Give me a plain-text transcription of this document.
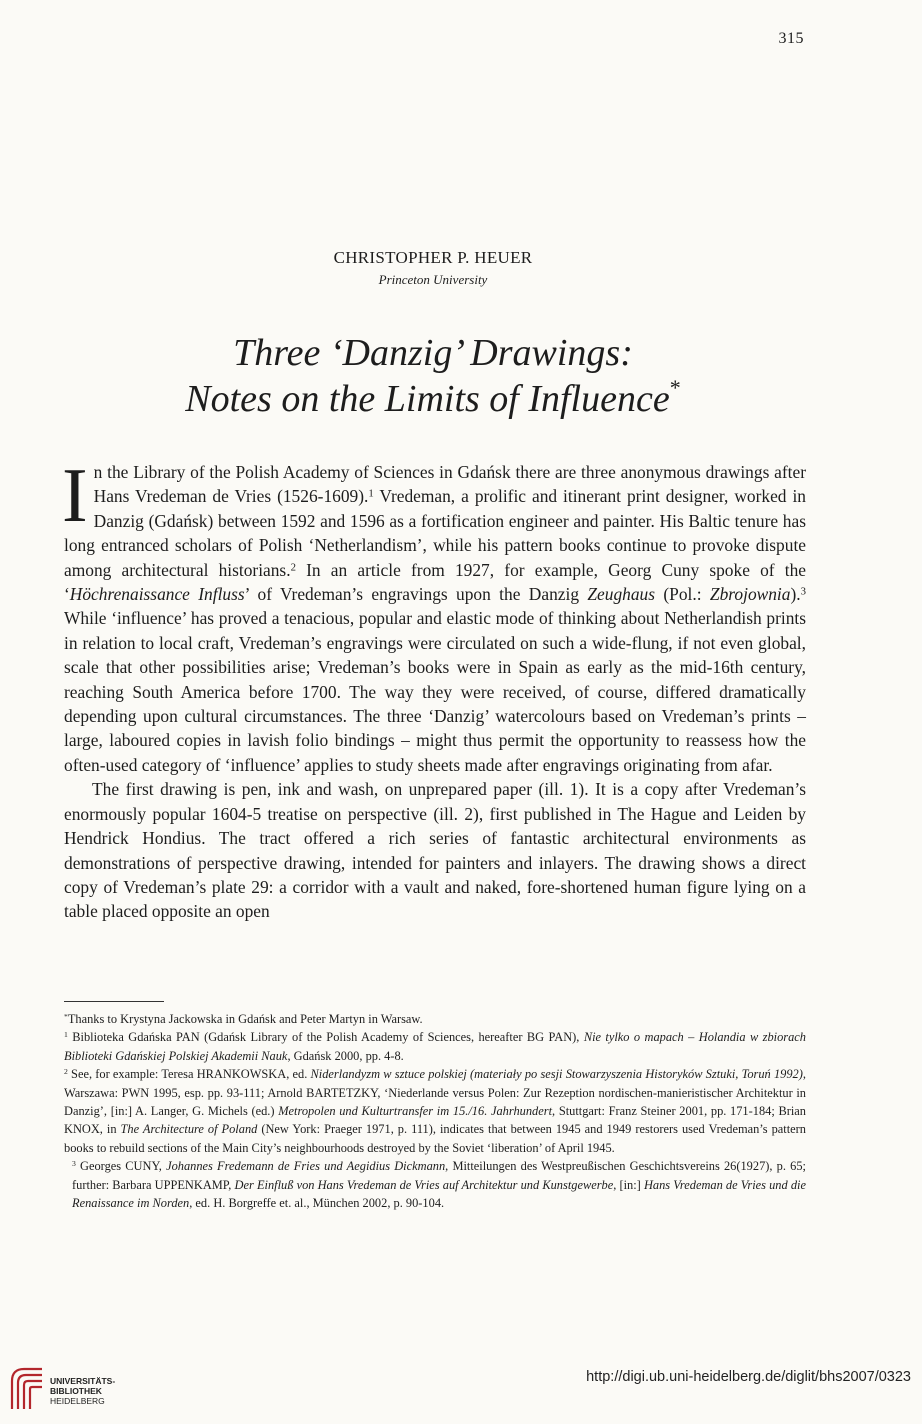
315
CHRISTOPHER P. HEUER
Princeton University
Three ‘Danzig’ Drawings:
Notes on the Limits of Influence*

In the Library of the Polish Academy of Sciences in Gdańsk there are three anonymous drawings after Hans Vredeman de Vries (1526-1609).$^1$ Vredeman, a prolific and itinerant print designer, worked in Danzig (Gdańsk) between 1592 and 1596 as a fortification engineer and painter. His Baltic tenure has long entranced scholars of Polish ‘Netherlandism’, while his pattern books continue to provoke dispute among architectural historians.$^2$ In an article from 1927, for example, Georg Cuny spoke of the ‘Höchrenaissance Influss’ of Vredeman’s engravings upon the Danzig Zeughaus (Pol.: Zbrojownia).$^3$ While ‘influence’ has proved a tenacious, popular and elastic mode of thinking about Netherlandish prints in relation to local craft, Vredeman’s engravings were circulated on such a wide-flung, if not even global, scale that other possibilities arise; Vredeman’s books were in Spain as early as the mid-16th century, reaching South America before 1700. The way they were received, of course, differed dramatically depending upon cultural circumstances. The three ‘Danzig’ watercolours based on Vredeman’s prints – large, laboured copies in lavish folio bindings – might thus permit the opportunity to reassess how the often-used category of ‘influence’ applies to study sheets made after engravings originating from afar.

The first drawing is pen, ink and wash, on unprepared paper (ill. 1). It is a copy after Vredeman’s enormously popular 1604-5 treatise on perspective (ill. 2), first published in The Hague and Leiden by Hendrick Hondius. The tract offered a rich series of fantastic architectural environments as demonstrations of perspective drawing, intended for painters and inlayers. The drawing shows a direct copy of Vredeman’s plate 29: a corridor with a vault and naked, fore-shortened human figure lying on a table placed opposite an open

*Thanks to Krystyna Jackowska in Gdańsk and Peter Martyn in Warsaw.

$^1$ Biblioteka Gdańska PAN (Gdańsk Library of the Polish Academy of Sciences, hereafter BG PAN), Nie tylko o mapach – Holandia w zbiorach Biblioteki Gdańskiej Polskiej Akademii Nauk, Gdańsk 2000, pp. 4-8.

$^2$ See, for example: Teresa HRANKOWSKA, ed. Niderlandyzm w sztuce polskiej (materiały po sesji Stowarzyszenia Historyków Sztuki, Toruń 1992), Warszawa: PWN 1995, esp. pp. 93-111; Arnold BARTETZKY, ‘Niederlande versus Polen: Zur Rezeption nordischen-manieristischer Architektur in Danzig’, [in:] A. Langer, G. Michels (ed.) Metropolen und Kulturtransfer im 15./16. Jahrhundert, Stuttgart: Franz Steiner 2001, pp. 171-184; Brian KNOX, in The Architecture of Poland (New York: Praeger 1971, p. 111), indicates that between 1945 and 1949 restorers used Vredeman’s pattern books to rebuild sections of the Main City’s neighbourhoods destroyed by the Soviet ‘liberation’ of April 1945.

$^3$ Georges CUNY, Johannes Fredemann de Fries und Aegidius Dickmann, Mitteilungen des Westpreußischen Geschichtsvereins 26(1927), p. 65; further: Barbara UPPENKAMP, Der Einfluß von Hans Vredeman de Vries auf Architektur und Kunstgewerbe, [in:] Hans Vredeman de Vries und die Renaissance im Norden, ed. H. Borgreffe et. al., München 2002, p. 90-104.

UNIVERSITÄTS-
BIBLIOTHEK
HEIDELBERG
http://digi.ub.uni-heidelberg.de/diglit/bhs2007/0323
